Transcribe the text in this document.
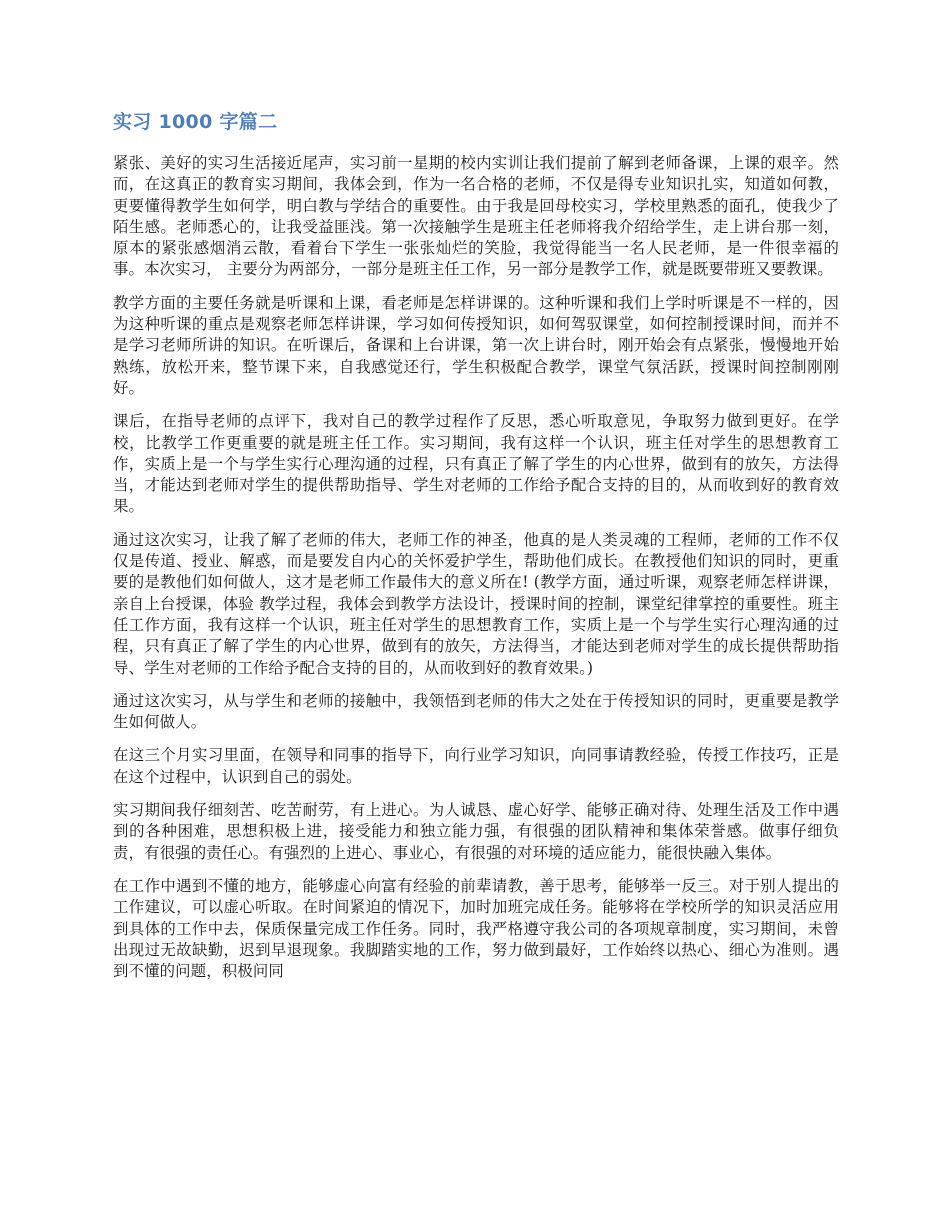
实习 1000 字篇二

紧张、美好的实习生活接近尾声，实习前一星期的校内实训让我们提前了解到老师备课，上课的艰辛。然而，在这真正的教育实习期间，我体会到，作为一名合格的老师，不仅是得专业知识扎实，知道如何教，更要懂得教学生如何学，明白教与学结合的重要性。由于我是回母校实习，学校里熟悉的面孔，使我少了陌生感。老师悉心的，让我受益匪浅。第一次接触学生是班主任老师将我介绍给学生，走上讲台那一刻，原本的紧张感烟消云散，看着台下学生一张张灿烂的笑脸，我觉得能当一名人民老师，是一件很幸福的事。本次实习， 主要分为两部分，一部分是班主任工作，另一部分是教学工作，就是既要带班又要教课。

教学方面的主要任务就是听课和上课，看老师是怎样讲课的。这种听课和我们上学时听课是不一样的，因为这种听课的重点是观察老师怎样讲课，学习如何传授知识，如何驾驭课堂，如何控制授课时间，而并不是学习老师所讲的知识。在听课后，备课和上台讲课，第一次上讲台时，刚开始会有点紧张，慢慢地开始熟练，放松开来，整节课下来，自我感觉还行，学生积极配合教学，课堂气氛活跃，授课时间控制刚刚好。

课后，在指导老师的点评下，我对自己的教学过程作了反思，悉心听取意见，争取努力做到更好。在学校，比教学工作更重要的就是班主任工作。实习期间，我有这样一个认识，班主任对学生的思想教育工作，实质上是一个与学生实行心理沟通的过程，只有真正了解了学生的内心世界，做到有的放矢，方法得当，才能达到老师对学生的提供帮助指导、学生对老师的工作给予配合支持的目的，从而收到好的教育效果。

通过这次实习，让我了解了老师的伟大，老师工作的神圣，他真的是人类灵魂的工程师，老师的工作不仅仅是传道、授业、解惑，而是要发自内心的关怀爱护学生，帮助他们成长。在教授他们知识的同时，更重要的是教他们如何做人，这才是老师工作最伟大的意义所在! (教学方面，通过听课，观察老师怎样讲课，亲自上台授课，体验 教学过程，我体会到教学方法设计，授课时间的控制，课堂纪律掌控的重要性。班主任工作方面，我有这样一个认识，班主任对学生的思想教育工作，实质上是一个与学生实行心理沟通的过程，只有真正了解了学生的内心世界，做到有的放矢，方法得当，才能达到老师对学生的成长提供帮助指导、学生对老师的工作给予配合支持的目的，从而收到好的教育效果。)

通过这次实习，从与学生和老师的接触中，我领悟到老师的伟大之处在于传授知识的同时，更重要是教学生如何做人。

在这三个月实习里面，在领导和同事的指导下，向行业学习知识，向同事请教经验，传授工作技巧，正是在这个过程中，认识到自己的弱处。

实习期间我仔细刻苦、吃苦耐劳，有上进心。为人诚恳、虚心好学、能够正确对待、处理生活及工作中遇到的各种困难，思想积极上进，接受能力和独立能力强，有很强的团队精神和集体荣誉感。做事仔细负责，有很强的责任心。有强烈的上进心、事业心，有很强的对环境的适应能力，能很快融入集体。

在工作中遇到不懂的地方，能够虚心向富有经验的前辈请教，善于思考，能够举一反三。对于别人提出的工作建议，可以虚心听取。在时间紧迫的情况下，加时加班完成任务。能够将在学校所学的知识灵活应用到具体的工作中去，保质保量完成工作任务。同时，我严格遵守我公司的各项规章制度，实习期间，未曾出现过无故缺勤，迟到早退现象。我脚踏实地的工作，努力做到最好，工作始终以热心、细心为准则。遇到不懂的问题，积极问同
